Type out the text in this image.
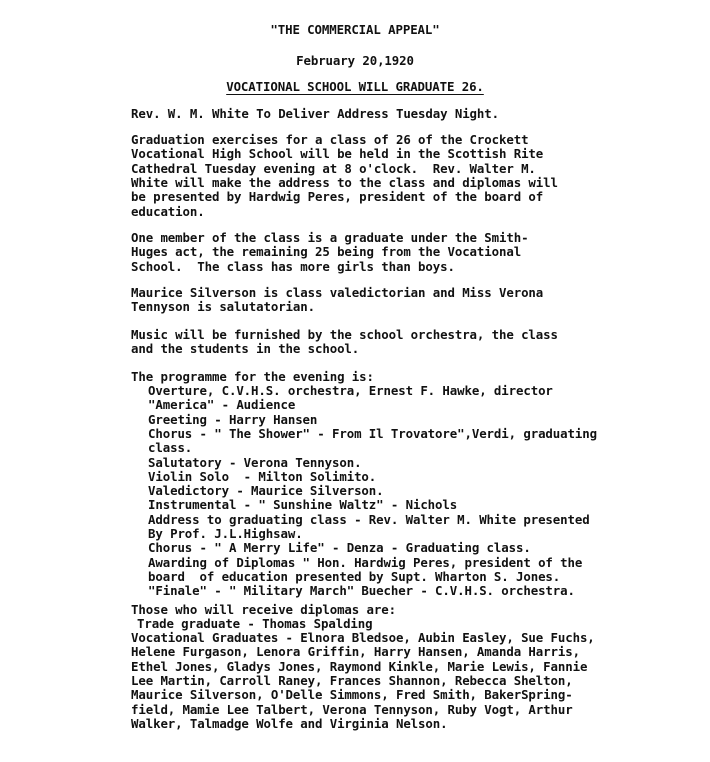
"THE COMMERCIAL APPEAL"
February 20,1920
VOCATIONAL SCHOOL WILL GRADUATE 26.
Rev. W. M. White To Deliver Address Tuesday Night.
Graduation exercises for a class of 26 of the Crockett
Vocational High School will be held in the Scottish Rite
Cathedral Tuesday evening at 8 o'clock.  Rev. Walter M.
White will make the address to the class and diplomas will
be presented by Hardwig Peres, president of the board of
education.
One member of the class is a graduate under the Smith-
Huges act, the remaining 25 being from the Vocational
School.  The class has more girls than boys.
Maurice Silverson is class valedictorian and Miss Verona
Tennyson is salutatorian.
Music will be furnished by the school orchestra, the class
and the students in the school.
The programme for the evening is:
Overture, C.V.H.S. orchestra, Ernest F. Hawke, director
"America" - Audience
Greeting - Harry Hansen
Chorus - " The Shower" - From Il Trovatore",Verdi, graduating
class.
Salutatory - Verona Tennyson.
Violin Solo  - Milton Solimito.
Valedictory - Maurice Silverson.
Instrumental - " Sunshine Waltz" - Nichols
Address to graduating class - Rev. Walter M. White presented
By Prof. J.L.Highsaw.
Chorus - " A Merry Life" - Denza - Graduating class.
Awarding of Diplomas " Hon. Hardwig Peres, president of the
board  of education presented by Supt. Wharton S. Jones.
"Finale" - " Military March" Buecher - C.V.H.S. orchestra.
Those who will receive diplomas are:
Trade graduate - Thomas Spalding
Vocational Graduates - Elnora Bledsoe, Aubin Easley, Sue Fuchs,
Helene Furgason, Lenora Griffin, Harry Hansen, Amanda Harris,
Ethel Jones, Gladys Jones, Raymond Kinkle, Marie Lewis, Fannie
Lee Martin, Carroll Raney, Frances Shannon, Rebecca Shelton,
Maurice Silverson, O'Delle Simmons, Fred Smith, BakerSpring-
field, Mamie Lee Talbert, Verona Tennyson, Ruby Vogt, Arthur
Walker, Talmadge Wolfe and Virginia Nelson.
